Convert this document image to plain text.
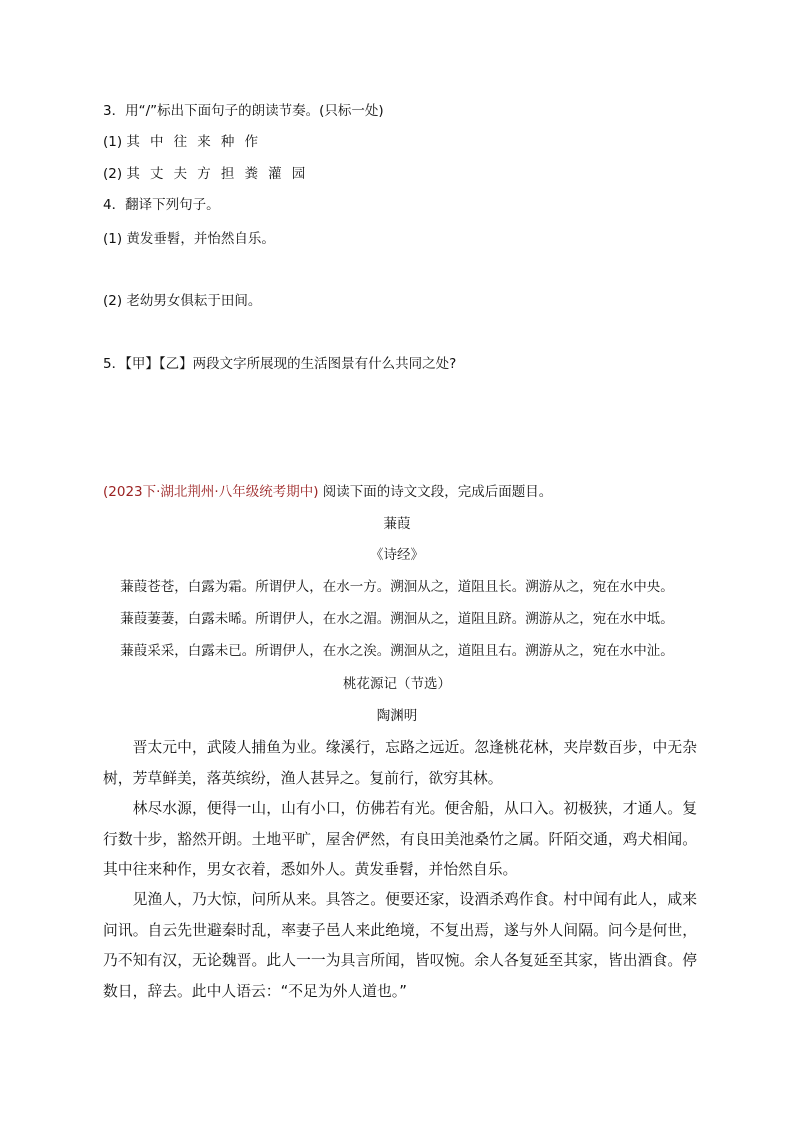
3．用“/”标出下面句子的朗读节奏。(只标一处)
(1) 其中往来种作
(2) 其丈夫方担粪灌园
4．翻译下列句子。
(1) 黄发垂髫，并怡然自乐。
(2) 老幼男女俱耘于田间。
5．【甲】【乙】两段文字所展现的生活图景有什么共同之处?
(2023下·湖北荆州·八年级统考期中) 阅读下面的诗文文段，完成后面题目。
蒹葭
《诗经》
蒹葭苍苍，白露为霜。所谓伊人，在水一方。溯洄从之，道阻且长。溯游从之，宛在水中央。
蒹葭萋萋，白露未晞。所谓伊人，在水之湄。溯洄从之，道阻且跻。溯游从之，宛在水中坻。
蒹葭采采，白露未已。所谓伊人，在水之涘。溯洄从之，道阻且右。溯游从之，宛在水中沚。
桃花源记（节选）
陶渊明

晋太元中，武陵人捕鱼为业。缘溪行，忘路之远近。忽逢桃花林，夹岸数百步，中无杂树，芳草鲜美，落英缤纷，渔人甚异之。复前行，欲穷其林。

林尽水源，便得一山，山有小口，仿佛若有光。便舍船，从口入。初极狭，才通人。复行数十步，豁然开朗。土地平旷，屋舍俨然，有良田美池桑竹之属。阡陌交通，鸡犬相闻。其中往来种作，男女衣着，悉如外人。黄发垂髫，并怡然自乐。

见渔人，乃大惊，问所从来。具答之。便要还家，设酒杀鸡作食。村中闻有此人，咸来问讯。自云先世避秦时乱，率妻子邑人来此绝境，不复出焉，遂与外人间隔。问今是何世，乃不知有汉，无论魏晋。此人一一为具言所闻，皆叹惋。余人各复延至其家，皆出酒食。停数日，辞去。此中人语云：“不足为外人道也。”
